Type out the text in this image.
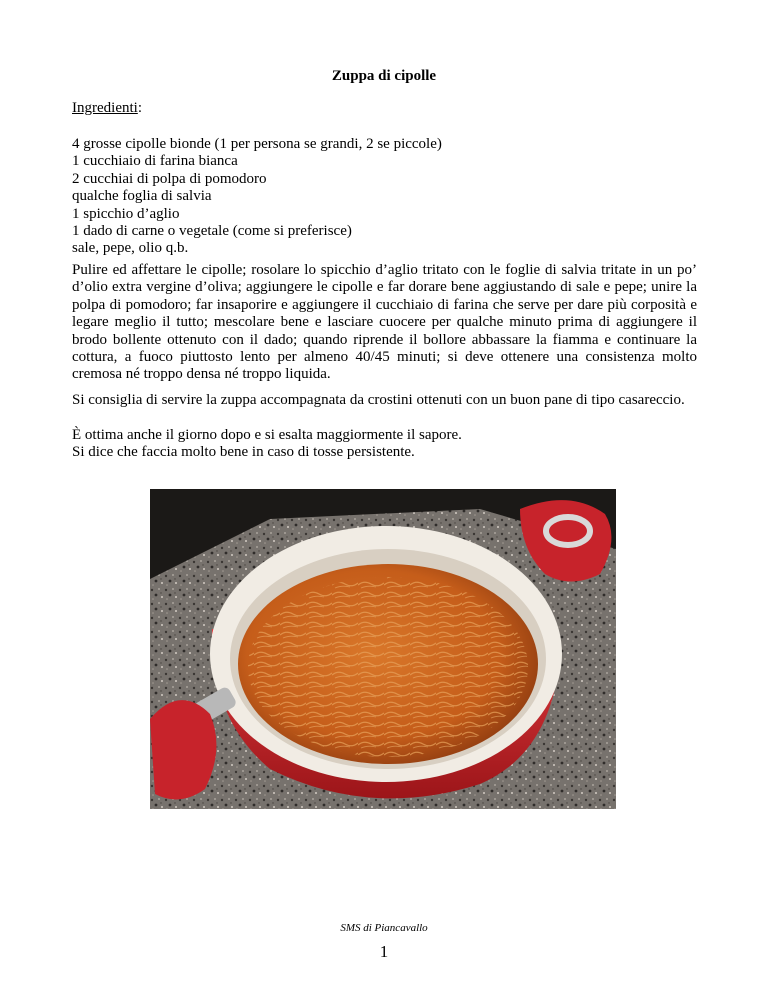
Zuppa di cipolle
Ingredienti:
4 grosse cipolle bionde (1 per persona se grandi, 2 se piccole)
1 cucchiaio di farina bianca
2 cucchiai di polpa di pomodoro
qualche foglia di salvia
1 spicchio d’aglio
1 dado di carne o vegetale (come si preferisce)
sale, pepe, olio q.b.

Pulire ed affettare le cipolle; rosolare lo spicchio d’aglio tritato con le foglie di salvia tritate in un po’ d’olio extra vergine d’oliva; aggiungere le cipolle e far dorare bene aggiustando di sale e pepe; unire la polpa di pomodoro; far insaporire e aggiungere il cucchiaio di farina che serve per dare più corposità e legare meglio il tutto; mescolare bene e lasciare cuocere per qualche minuto prima di aggiungere il brodo bollente ottenuto con il dado; quando riprende il bollore abbassare la fiamma e continuare la cottura, a fuoco piuttosto lento per almeno 40/45 minuti; si deve ottenere una consistenza molto cremosa né troppo densa né troppo liquida.

Si consiglia di servire la zuppa accompagnata da crostini ottenuti con un buon pane di tipo casareccio.

È ottima anche il giorno dopo e si esalta maggiormente il sapore.

Si dice che faccia molto bene in caso di tosse persistente.

SMS di Piancavallo
1
